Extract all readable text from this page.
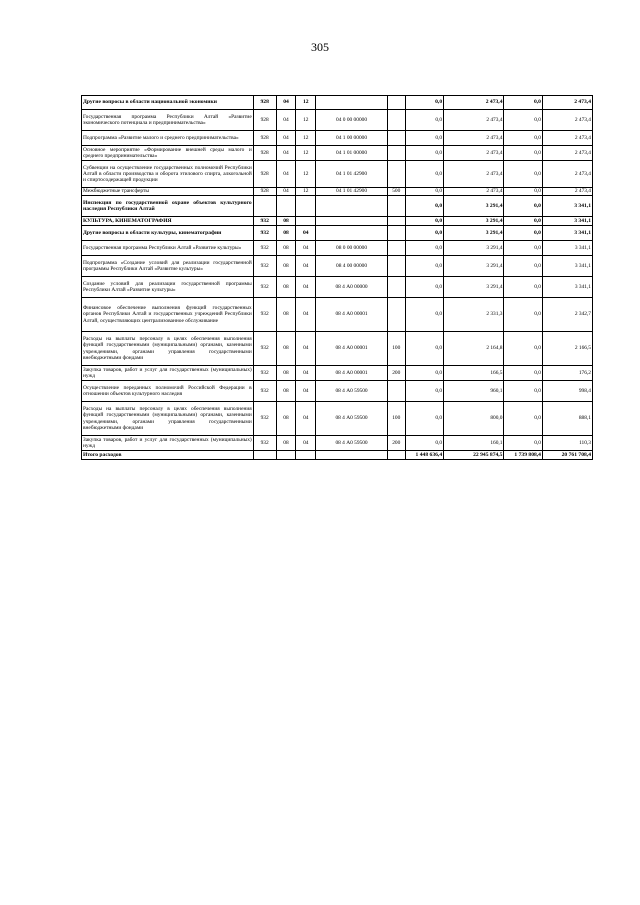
305
Другие вопросы в области национальной экономики	928	04	12			0,0	2 473,4	0,0	2 473,4
Государственная программа Республики Алтай «Развитие экономического потенциала и предпринимательства»	928	04	12	04 0 00 00000		0,0	2 473,4	0,0	2 473,4
Подпрограмма «Развитие малого и среднего предпринимательства»	928	04	12	04 1 00 00000		0,0	2 473,4	0,0	2 473,4
Основное мероприятие «Формирование внешней среды малого и среднего предпринимательства»	928	04	12	04 1 01 00000		0,0	2 473,4	0,0	2 473,4
Субвенции на осуществление государственных полномочий Республики Алтай в области производства и оборота этилового спирта, алкогольной и спиртосодержащей продукции	928	04	12	04 1 01 42900		0,0	2 473,4	0,0	2 473,4
Межбюджетные трансферты	928	04	12	04 1 01 42900	500	0,0	2 473,4	0,0	2 473,4
Инспекция по государственной охране объектов культурного наследия Республики Алтай						0,0	3 291,4	0,0	3 341,1
КУЛЬТУРА, КИНЕМАТОГРАФИЯ	932	08				0,0	3 291,4	0,0	3 341,1
Другие вопросы в области культуры, кинематографии	932	08	04			0,0	3 291,4	0,0	3 341,1
Государственная программа Республики Алтай «Развитие культуры»	932	08	04	08 0 00 00000		0,0	3 291,4	0,0	3 341,1
Подпрограмма «Создание условий для реализации государственной программы Республики Алтай «Развитие культуры»	932	08	04	08 4 00 00000		0,0	3 291,4	0,0	3 341,1
Создание условий для реализации государственной программы Республики Алтай «Развитие культуры»	932	08	04	08 4 А0 00000		0,0	3 291,4	0,0	3 341,1
Финансовое обеспечение выполнения функций государственных органов Республики Алтай и государственных учреждений Республики Алтай, осуществляющих централизованное обслуживание	932	08	04	08 4 А0 00001		0,0	2 331,3	0,0	2 342,7
Расходы на выплаты персоналу в целях обеспечения выполнения функций государственными (муниципальными) органами, казенными учреждениями, органами управления государственными внебюджетными фондами	932	08	04	08 4 А0 00001	100	0,0	2 164,8	0,0	2 166,5
Закупка товаров, работ и услуг для государственных (муниципальных) нужд	932	08	04	08 4 А0 00001	200	0,0	166,5	0,0	176,2
Осуществление переданных полномочий Российской Федерации в отношении объектов культурного наследия	932	08	04	08 4 А0 59500		0,0	960,1	0,0	998,4
Расходы на выплаты персоналу в целях обеспечения выполнения функций государственными (муниципальными) органами, казенными учреждениями, органами управления государственными внебюджетными фондами	932	08	04	08 4 А0 59500	100	0,0	800,0	0,0	888,1
Закупка товаров, работ и услуг для государственных (муниципальных) нужд	932	08	04	08 4 А0 59500	200	0,0	160,1	0,0	110,3
Итого расходов						1 448 636,4	22 945 874,5	1 739 808,4	20 761 708,4
